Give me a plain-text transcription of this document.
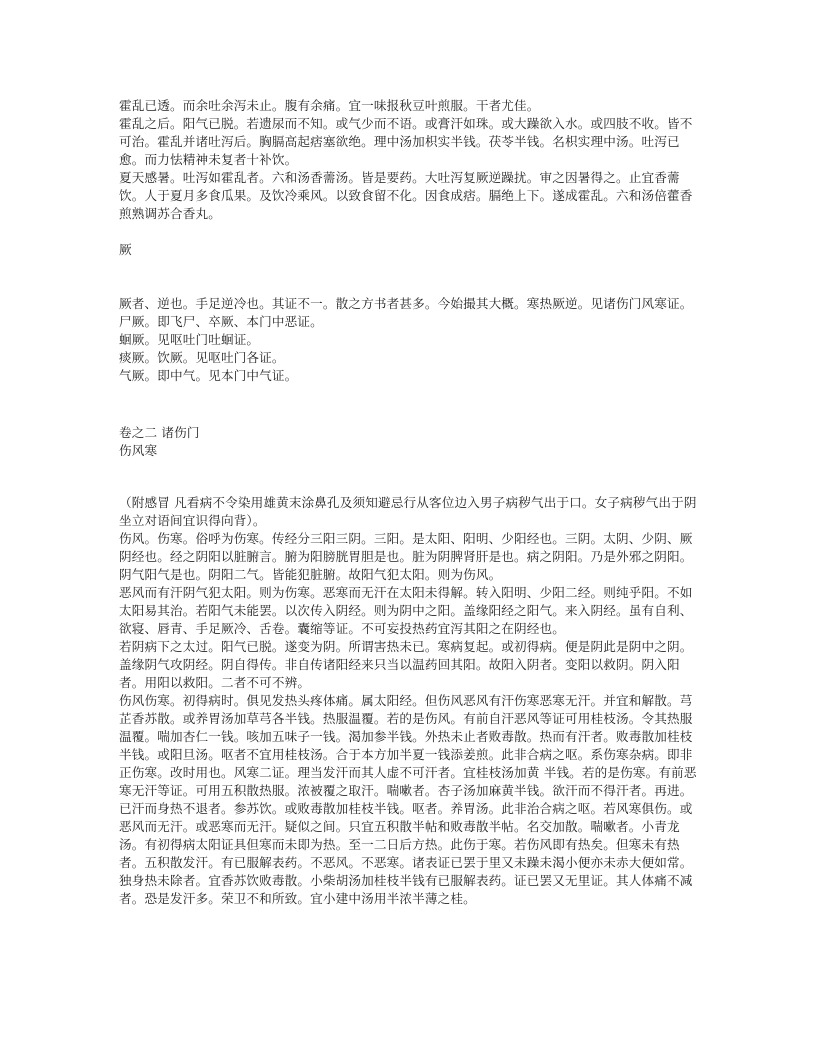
霍乱已透。而余吐余泻未止。腹有余痛。宜一味报秋豆叶煎服。干者尤佳。

霍乱之后。阳气已脱。若遗尿而不知。或气少而不语。或膏汗如珠。或大躁欲入水。或四肢不收。皆不可治。霍乱并诸吐泻后。胸膈高起痞塞欲绝。理中汤加枳实半钱。茯苓半钱。名枳实理中汤。吐泻已愈。而力怯精神未复者十补饮。

夏天感暑。吐泻如霍乱者。六和汤香薷汤。皆是要药。大吐泻复厥逆躁扰。审之因暑得之。止宜香薷饮。人于夏月多食瓜果。及饮冷乘风。以致食留不化。因食成痞。膈绝上下。遂成霍乱。六和汤倍藿香煎熟调苏合香丸。

厥

厥者、逆也。手足逆冷也。其证不一。散之方书者甚多。今始撮其大概。寒热厥逆。见诸伤门风寒证。

尸厥。即飞尸、卒厥、本门中恶证。

蛔厥。见呕吐门吐蛔证。

痰厥。饮厥。见呕吐门各证。

气厥。即中气。见本门中气证。

卷之二 诸伤门

伤风寒

（附感冒 凡看病不令染用雄黄末涂鼻孔及须知避忌行从客位边入男子病秽气出于口。女子病秽气出于阴坐立对语间宜识得向背）。

伤风。伤寒。俗呼为伤寒。传经分三阳三阴。三阳。是太阳、阳明、少阳经也。三阴。太阴、少阴、厥阴经也。经之阴阳以脏腑言。腑为阳膀胱胃胆是也。脏为阴脾肾肝是也。病之阴阳。乃是外邪之阴阳。阴气阳气是也。阴阳二气。皆能犯脏腑。故阳气犯太阳。则为伤风。

恶风而有汗阴气犯太阳。则为伤寒。恶寒而无汗在太阳未得解。转入阳明、少阳二经。则纯乎阳。不如太阳易其治。若阳气未能罢。以次传入阴经。则为阴中之阳。盖缘阳经之阳气。来入阴经。虽有自利、欲寝、唇青、手足厥冷、舌卷。囊缩等证。不可妄投热药宜泻其阳之在阴经也。

若阴病下之太过。阳气已脱。遂变为阴。所谓害热未已。寒病复起。或初得病。便是阴此是阴中之阴。盖缘阴气攻阴经。阴自得传。非自传诸阳经来只当以温药回其阳。故阳入阴者。变阳以救阴。阴入阳者。用阳以救阳。二者不可不辨。

伤风伤寒。初得病时。俱见发热头疼体痛。属太阳经。但伤风恶风有汗伤寒恶寒无汗。并宜和解散。芎芷香苏散。或养胃汤加草芎各半钱。热服温覆。若的是伤风。有前自汗恶风等证可用桂枝汤。令其热服温覆。喘加杏仁一钱。咳加五味子一钱。渴加参半钱。外热未止者败毒散。热而有汗者。败毒散加桂枝半钱。或阳旦汤。呕者不宜用桂枝汤。合于本方加半夏一钱添姜煎。此非合病之呕。系伤寒杂病。即非正伤寒。改时用也。风寒二证。理当发汗而其人虚不可汗者。宜桂枝汤加黄 半钱。若的是伤寒。有前恶寒无汗等证。可用五积散热服。浓被覆之取汗。喘嗽者。杏子汤加麻黄半钱。欲汗而不得汗者。再进。已汗而身热不退者。参苏饮。或败毒散加桂枝半钱。呕者。养胃汤。此非治合病之呕。若风寒俱伤。或恶风而无汗。或恶寒而无汗。疑似之间。只宜五积散半帖和败毒散半帖。名交加散。喘嗽者。小青龙汤。有初得病太阳证具但寒而未即为热。至一二日后方热。此伤于寒。若伤风即有热矣。但寒未有热者。五积散发汗。有已服解表药。不恶风。不恶寒。诸表证已罢于里又未躁未渴小便亦未赤大便如常。独身热未除者。宜香苏饮败毒散。小柴胡汤加桂枝半钱有已服解表药。证已罢又无里证。其人体痛不减者。恐是发汗多。荣卫不和所致。宜小建中汤用半浓半薄之桂。
